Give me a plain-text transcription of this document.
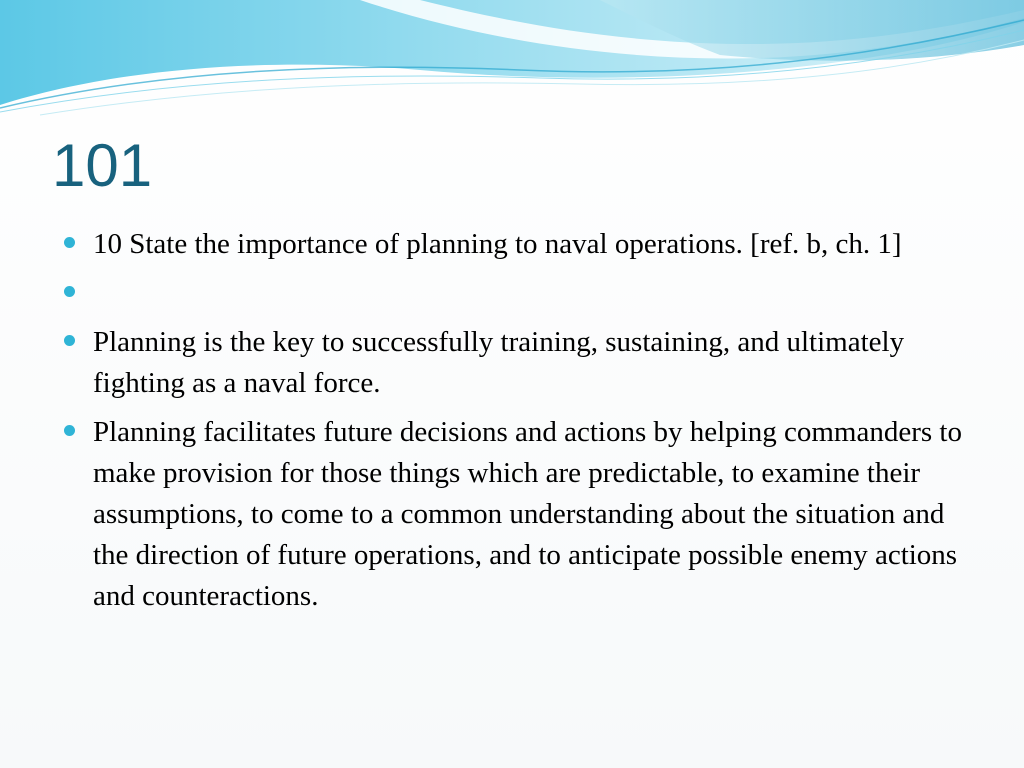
101
10 State the importance of planning to naval operations. [ref. b, ch. 1]
Planning is the key to successfully training, sustaining, and ultimately fighting as a naval force.
Planning facilitates future decisions and actions by helping commanders to make provision for those things which are predictable, to examine their assumptions, to come to a common understanding about the situation and the direction of future operations, and to anticipate possible enemy actions and counteractions.
